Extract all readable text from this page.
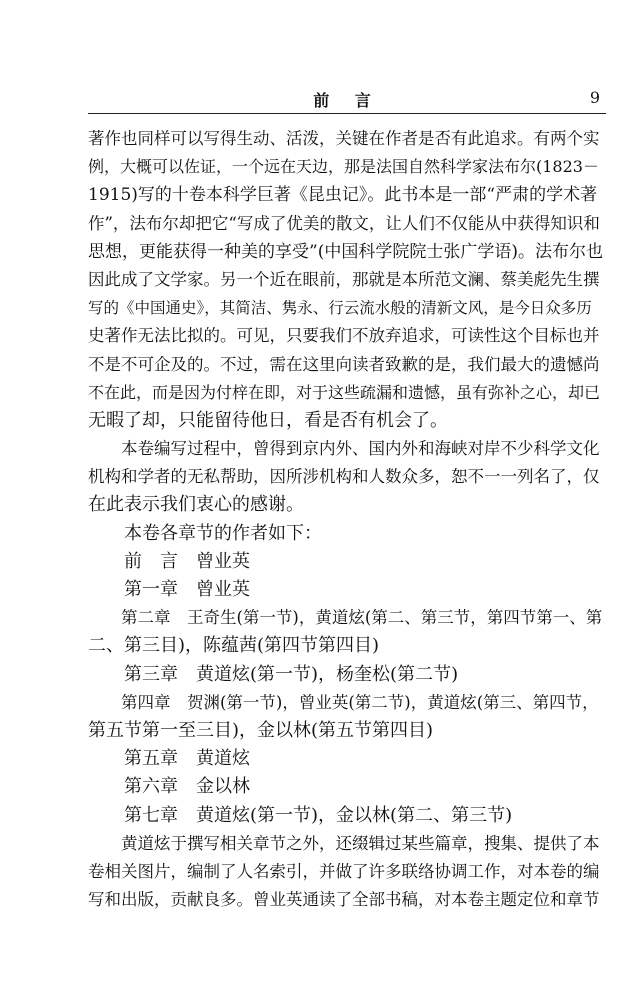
前 言	9
著作也同样可以写得生动、活泼，关键在作者是否有此追求。有两个实
例，大概可以佐证，一个远在天边，那是法国自然科学家法布尔(1823－
1915)写的十卷本科学巨著《昆虫记》。此书本是一部“严肃的学术著
作”，法布尔却把它“写成了优美的散文，让人们不仅能从中获得知识和
思想，更能获得一种美的享受”(中国科学院院士张广学语)。法布尔也
因此成了文学家。另一个近在眼前，那就是本所范文澜、蔡美彪先生撰
写的《中国通史》，其简洁、隽永、行云流水般的清新文风，是今日众多历
史著作无法比拟的。可见，只要我们不放弃追求，可读性这个目标也并
不是不可企及的。不过，需在这里向读者致歉的是，我们最大的遗憾尚
不在此，而是因为付梓在即，对于这些疏漏和遗憾，虽有弥补之心，却已
无暇了却，只能留待他日，看是否有机会了。
　　本卷编写过程中，曾得到京内外、国内外和海峡对岸不少科学文化
机构和学者的无私帮助，因所涉机构和人数众多，恕不一一列名了，仅
在此表示我们衷心的感谢。
　　本卷各章节的作者如下：
　　前　言　曾业英
　　第一章　曾业英
　　第二章　王奇生(第一节)，黄道炫(第二、第三节，第四节第一、第
二、第三目)，陈蕴茜(第四节第四目)
　　第三章　黄道炫(第一节)，杨奎松(第二节)
　　第四章　贺渊(第一节)，曾业英(第二节)，黄道炫(第三、第四节，
第五节第一至三目)，金以林(第五节第四目)
　　第五章　黄道炫
　　第六章　金以林
　　第七章　黄道炫(第一节)，金以林(第二、第三节)
　　黄道炫于撰写相关章节之外，还缀辑过某些篇章，搜集、提供了本
卷相关图片，编制了人名索引，并做了许多联络协调工作，对本卷的编
写和出版，贡献良多。曾业英通读了全部书稿，对本卷主题定位和章节
